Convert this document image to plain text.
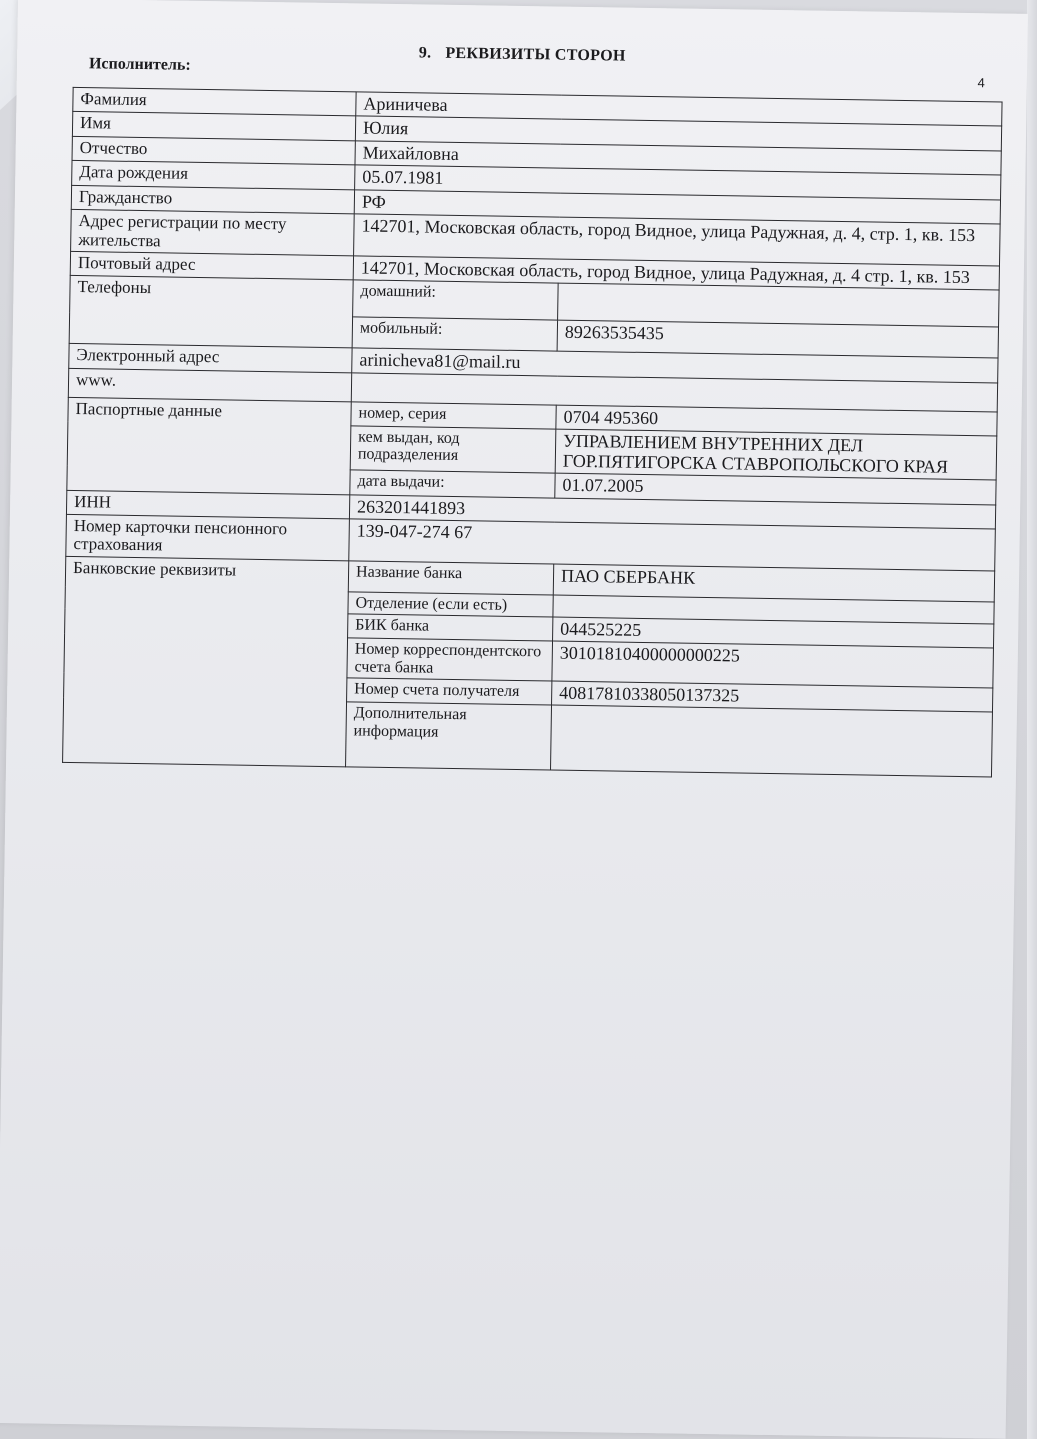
9. РЕКВИЗИТЫ СТОРОН
Исполнитель:
4
Фамилия	Ариничева	
Имя	Юлия	
Отчество	Михайловна	
Дата рождения	05.07.1981	
Гражданство	РФ	
Адрес регистрации по месту жительства	142701, Московская область, город Видное, улица Радужная, д. 4, стр. 1, кв. 153	
Почтовый адрес	142701, Московская область, город Видное, улица Радужная, д. 4 стр. 1, кв. 153	
Телефоны	домашний:	
	мобильный:	89263535435
Электронный адрес	arinicheva81@mail.ru	
www.		
Паспортные данные	номер, серия	0704 495360
	кем выдан, код подразделения	УПРАВЛЕНИЕМ ВНУТРЕННИХ ДЕЛ ГОР.ПЯТИГОРСКА СТАВРОПОЛЬСКОГО КРАЯ
	дата выдачи:	01.07.2005
ИНН	263201441893	
Номер карточки пенсионного страхования	139-047-274 67	
Банковские реквизиты	Название банка	ПАО СБЕРБАНК
	Отделение (если есть)	
	БИК банка	044525225
	Номер корреспондентского счета банка	30101810400000000225
	Номер счета получателя	40817810338050137325
	Дополнительная информация	
